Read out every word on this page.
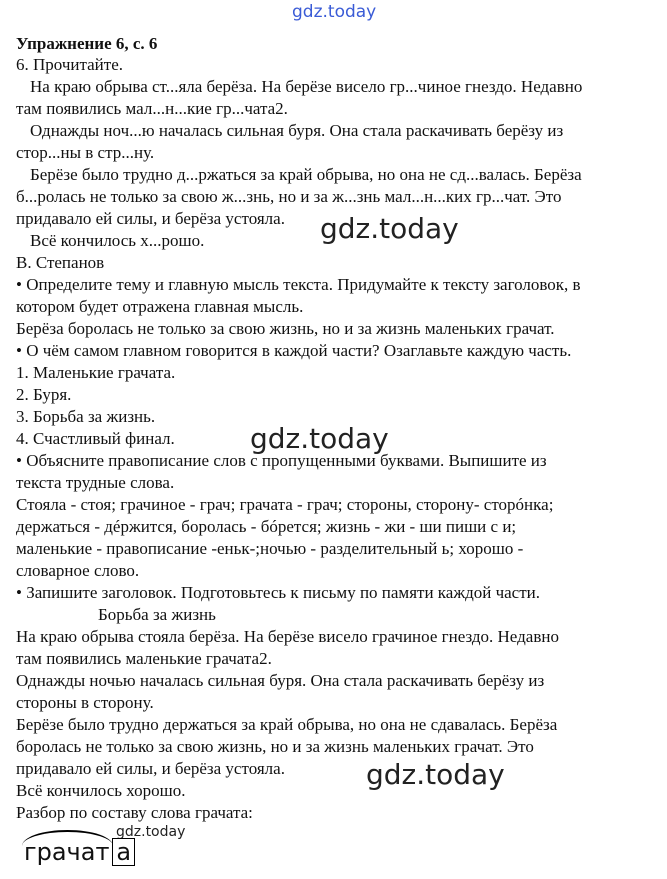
gdz.today
Упражнение 6, с. 6
6. Прочитайте.
На краю обрыва ст...яла берёза. На берёзе висело гр...чиное гнездо. Недавно
там появились мал...н...кие гр...чата2.
Однажды ноч...ю началась сильная буря. Она стала раскачивать берёзу из
стор...ны в стр...ну.
Берёзе было трудно д...ржаться за край обрыва, но она не сд...валась. Берёза
б...ролась не только за свою ж...знь, но и за ж...знь мал...н...ких гр...чат. Это
придавало ей силы, и берёза устояла.
Всё кончилось х...рошо.
В. Степанов
• Определите тему и главную мысль текста. Придумайте к тексту заголовок, в
котором будет отражена главная мысль.
Берёза боролась не только за свою жизнь, но и за жизнь маленьких грачат.
• О чём самом главном говорится в каждой части? Озаглавьте каждую часть.
1. Маленькие грачата.
2. Буря.
3. Борьба за жизнь.
4. Счастливый финал.
• Объясните правописание слов с пропущенными буквами. Выпишите из
текста трудные слова.
Стояла - стоя; грачиное - грач; грачата - грач; стороны, сторону- сторóнка;
держаться - дéржится, боролась - бóрется; жизнь - жи - ши пиши с и;
маленькие - правописание -еньк-;ночью - разделительный ь; хорошо -
словарное слово.
• Запишите заголовок. Подготовьтесь к письму по памяти каждой части.
Борьба за жизнь
На краю обрыва стояла берёза. На берёзе висело грачиное гнездо. Недавно
там появились маленькие грачата2.
Однажды ночью началась сильная буря. Она стала раскачивать берёзу из
стороны в сторону.
Берёзе было трудно держаться за край обрыва, но она не сдавалась. Берёза
боролась не только за свою жизнь, но и за жизнь маленьких грачат. Это
придавало ей силы, и берёза устояла.
Всё кончилось хорошо.
Разбор по составу слова грачата:
gdz.today
gdz.today
gdz.today
gdz.today
грачат а
